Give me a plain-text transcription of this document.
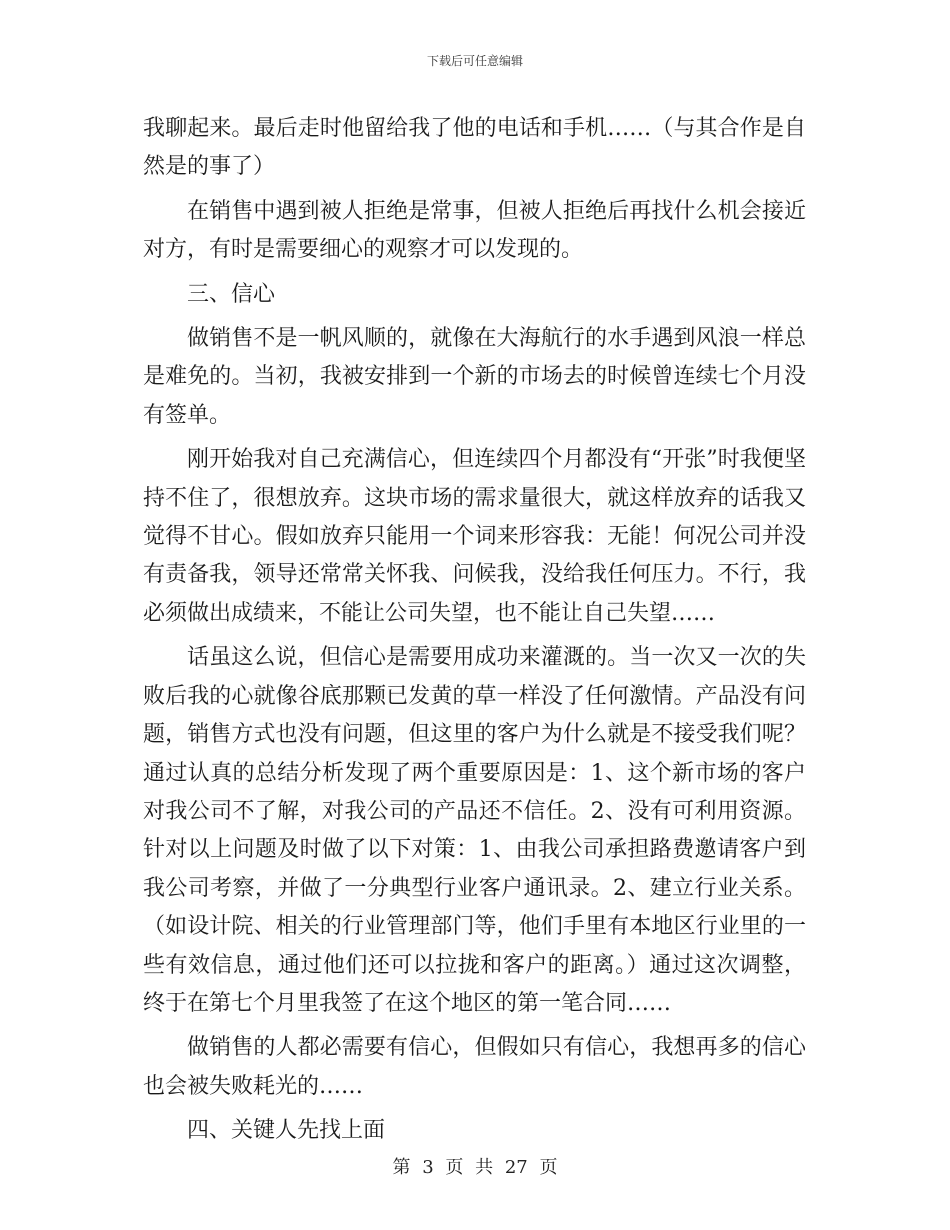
下载后可任意编辑

我聊起来。最后走时他留给我了他的电话和手机……（与其合作是自然是的事了）

在销售中遇到被人拒绝是常事，但被人拒绝后再找什么机会接近对方，有时是需要细心的观察才可以发现的。

三、信心

做销售不是一帆风顺的，就像在大海航行的水手遇到风浪一样总是难免的。当初，我被安排到一个新的市场去的时候曾连续七个月没有签单。

刚开始我对自己充满信心，但连续四个月都没有“开张”时我便坚持不住了，很想放弃。这块市场的需求量很大，就这样放弃的话我又觉得不甘心。假如放弃只能用一个词来形容我：无能！何况公司并没有责备我，领导还常常关怀我、问候我，没给我任何压力。不行，我必须做出成绩来，不能让公司失望，也不能让自己失望……

话虽这么说，但信心是需要用成功来灌溉的。当一次又一次的失败后我的心就像谷底那颗已发黄的草一样没了任何激情。产品没有问题，销售方式也没有问题，但这里的客户为什么就是不接受我们呢？通过认真的总结分析发现了两个重要原因是：1、这个新市场的客户对我公司不了解，对我公司的产品还不信任。2、没有可利用资源。针对以上问题及时做了以下对策：1、由我公司承担路费邀请客户到我公司考察，并做了一分典型行业客户通讯录。2、建立行业关系。（如设计院、相关的行业管理部门等，他们手里有本地区行业里的一些有效信息，通过他们还可以拉拢和客户的距离。）通过这次调整，终于在第七个月里我签了在这个地区的第一笔合同……

做销售的人都必需要有信心，但假如只有信心，我想再多的信心也会被失败耗光的……

四、关键人先找上面

第 3 页 共 27 页
